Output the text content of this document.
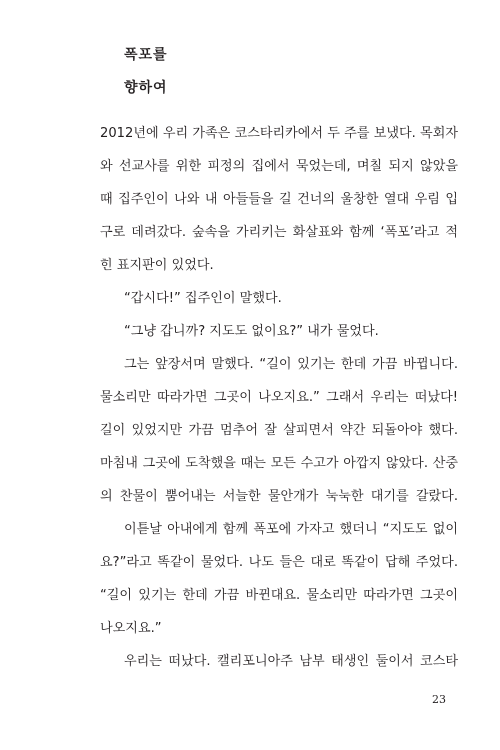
폭포를
향하여
2012년에 우리 가족은 코스타리카에서 두 주를 보냈다. 목회자
와 선교사를 위한 피정의 집에서 묵었는데, 며칠 되지 않았을
때 집주인이 나와 내 아들들을 길 건너의 울창한 열대 우림 입
구로 데려갔다. 숲속을 가리키는 화살표와 함께 ‘폭포’라고 적
힌 표지판이 있었다.
“갑시다!” 집주인이 말했다.
“그냥 갑니까? 지도도 없이요?” 내가 물었다.
그는 앞장서며 말했다. “길이 있기는 한데 가끔 바뀝니다.
물소리만 따라가면 그곳이 나오지요.” 그래서 우리는 떠났다!
길이 있었지만 가끔 멈추어 잘 살피면서 약간 되돌아야 했다.
마침내 그곳에 도착했을 때는 모든 수고가 아깝지 않았다. 산중
의 찬물이 뿜어내는 서늘한 물안개가 눅눅한 대기를 갈랐다.
이튿날 아내에게 함께 폭포에 가자고 했더니 “지도도 없이
요?”라고 똑같이 물었다. 나도 들은 대로 똑같이 답해 주었다.
“길이 있기는 한데 가끔 바뀐대요. 물소리만 따라가면 그곳이
나오지요.”
우리는 떠났다. 캘리포니아주 남부 태생인 둘이서 코스타
23
